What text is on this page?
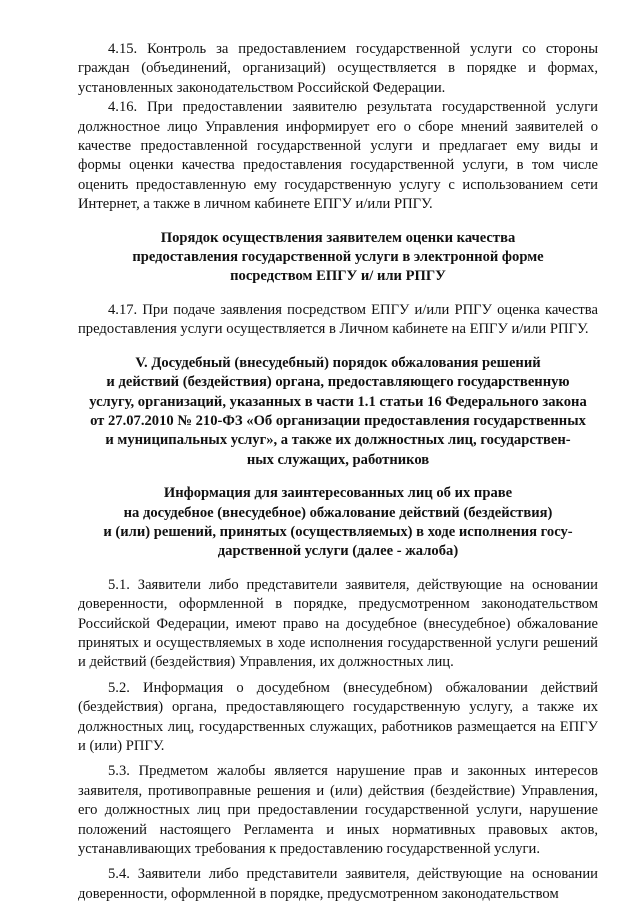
4.15. Контроль за предоставлением государственной услуги со стороны граждан (объединений, организаций) осуществляется в порядке и формах, установленных законодательством Российской Федерации.

4.16. При предоставлении заявителю результата государственной услуги должностное лицо Управления информирует его о сборе мнений заявителей о качестве предоставленной государственной услуги и предлагает ему виды и формы оценки качества предоставления государственной услуги, в том числе оценить предоставленную ему государственную услугу с использованием сети Интернет, а также в личном кабинете ЕПГУ и/или РПГУ.

Порядок осуществления заявителем оценки качества

предоставления государственной услуги в электронной форме

посредством ЕПГУ и/ или РПГУ

4.17. При подаче заявления посредством ЕПГУ и/или РПГУ оценка качества предоставления услуги осуществляется в Личном кабинете на ЕПГУ и/или РПГУ.

V. Досудебный (внесудебный) порядок обжалования решений

и действий (бездействия) органа, предоставляющего государственную

услугу, организаций, указанных в части 1.1 статьи 16 Федерального закона

от 27.07.2010 № 210-ФЗ «Об организации предоставления государственных

и муниципальных услуг», а также их должностных лиц, государствен-

ных служащих, работников

Информация для заинтересованных лиц об их праве

на досудебное (внесудебное) обжалование действий (бездействия)

и (или) решений, принятых (осуществляемых) в ходе исполнения госу-

дарственной услуги (далее - жалоба)

5.1. Заявители либо представители заявителя, действующие на основании доверенности, оформленной в порядке, предусмотренном законодательством Российской Федерации, имеют право на досудебное (внесудебное) обжалование принятых и осуществляемых в ходе исполнения государственной услуги решений и действий (бездействия) Управления, их должностных лиц.

5.2. Информация о досудебном (внесудебном) обжаловании действий (бездействия) органа, предоставляющего государственную услугу, а также их должностных лиц, государственных служащих, работников размещается на ЕПГУ и (или) РПГУ.

5.3. Предметом жалобы является нарушение прав и законных интересов заявителя, противоправные решения и (или) действия (бездействие) Управления, его должностных лиц при предоставлении государственной услуги, нарушение положений настоящего Регламента и иных нормативных правовых актов, устанавливающих требования к предоставлению государственной услуги.

5.4. Заявители либо представители заявителя, действующие на основании доверенности, оформленной в порядке, предусмотренном законодательством
